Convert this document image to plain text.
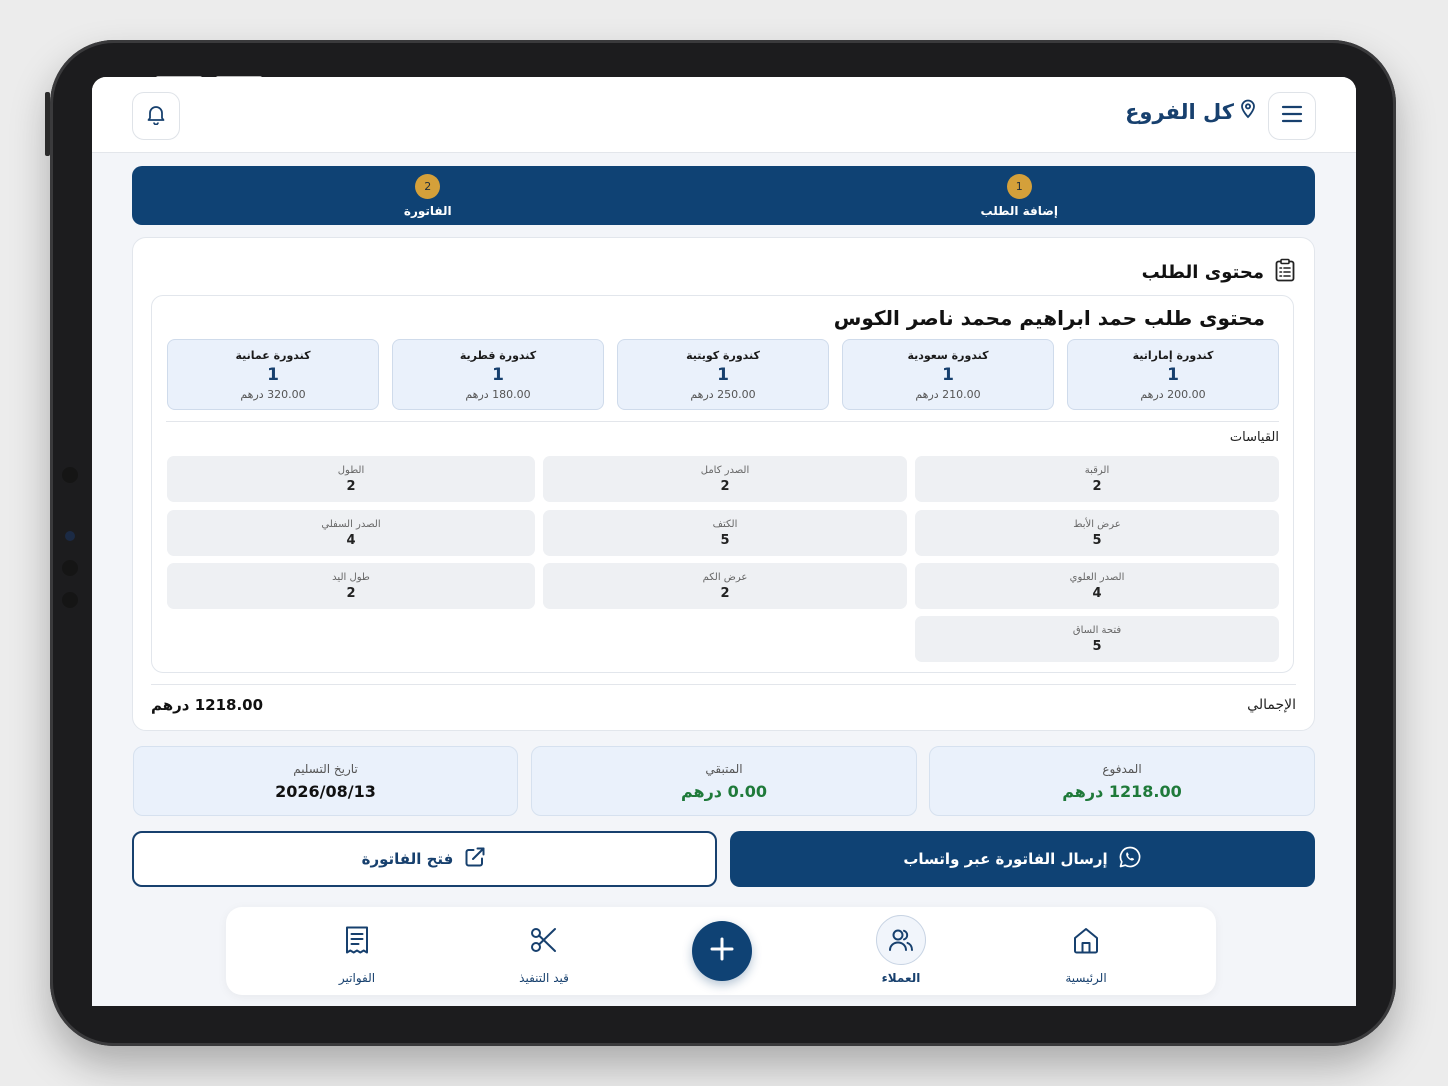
كل الفروع
1
إضافة الطلب
2
الفاتورة
محتوى الطلب
محتوى طلب حمد ابراهيم محمد ناصر الكوس
كندورة إماراتية
1
200.00 درهم
كندورة سعودية
1
210.00 درهم
كندورة كويتية
1
250.00 درهم
كندورة قطرية
1
180.00 درهم
كندورة عمانية
1
320.00 درهم
القياسات
الرقبة
2
عرض الأبط
5
الصدر العلوي
4
فتحة الساق
5
الصدر كامل
2
الكتف
5
عرض الكم
2
الطول
2
الصدر السفلي
4
طول اليد
2
الإجمالي
1218.00 درهم
المدفوع
1218.00 درهم
المتبقي
0.00 درهم
تاريخ التسليم
2026/08/13
إرسال الفاتورة عبر واتساب
فتح الفاتورة
الرئيسية
العملاء
قيد التنفيذ
الفواتير
